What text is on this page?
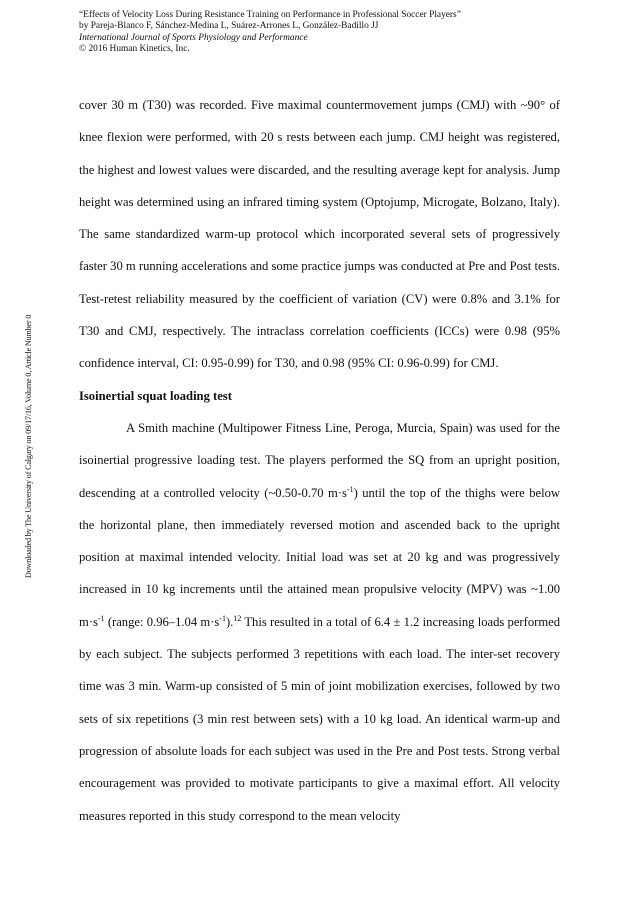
“Effects of Velocity Loss During Resistance Training on Performance in Professional Soccer Players”
by Pareja-Blanco F, Sánchez-Medina L, Suárez-Arrones L, González-Badillo JJ
International Journal of Sports Physiology and Performance
© 2016 Human Kinetics, Inc.
Downloaded by The University of Calgary on 09/17/16, Volume 0, Article Number 0

cover 30 m (T30) was recorded. Five maximal countermovement jumps (CMJ) with ~90° of knee flexion were performed, with 20 s rests between each jump. CMJ height was registered, the highest and lowest values were discarded, and the resulting average kept for analysis. Jump height was determined using an infrared timing system (Optojump, Microgate, Bolzano, Italy). The same standardized warm-up protocol which incorporated several sets of progressively faster 30 m running accelerations and some practice jumps was conducted at Pre and Post tests. Test-retest reliability measured by the coefficient of variation (CV) were 0.8% and 3.1% for T30 and CMJ, respectively. The intraclass correlation coefficients (ICCs) were 0.98 (95% confidence interval, CI: 0.95-0.99) for T30, and 0.98 (95% CI: 0.96-0.99) for CMJ.

Isoinertial squat loading test

A Smith machine (Multipower Fitness Line, Peroga, Murcia, Spain) was used for the isoinertial progressive loading test. The players performed the SQ from an upright position, descending at a controlled velocity (~0.50-0.70 $m\cdot s^{-1}$) until the top of the thighs were below the horizontal plane, then immediately reversed motion and ascended back to the upright position at maximal intended velocity. Initial load was set at 20 kg and was progressively increased in 10 kg increments until the attained mean propulsive velocity (MPV) was ~1.00 $m\cdot s^{-1}$ (range: 0.96–1.04 $m\cdot s^{-1}).^{12}$ This resulted in a total of 6.4 ± 1.2 increasing loads performed by each subject. The subjects performed 3 repetitions with each load. The inter-set recovery time was 3 min. Warm-up consisted of 5 min of joint mobilization exercises, followed by two sets of six repetitions (3 min rest between sets) with a 10 kg load. An identical warm-up and progression of absolute loads for each subject was used in the Pre and Post tests. Strong verbal encouragement was provided to motivate participants to give a maximal effort. All velocity measures reported in this study correspond to the mean velocity
